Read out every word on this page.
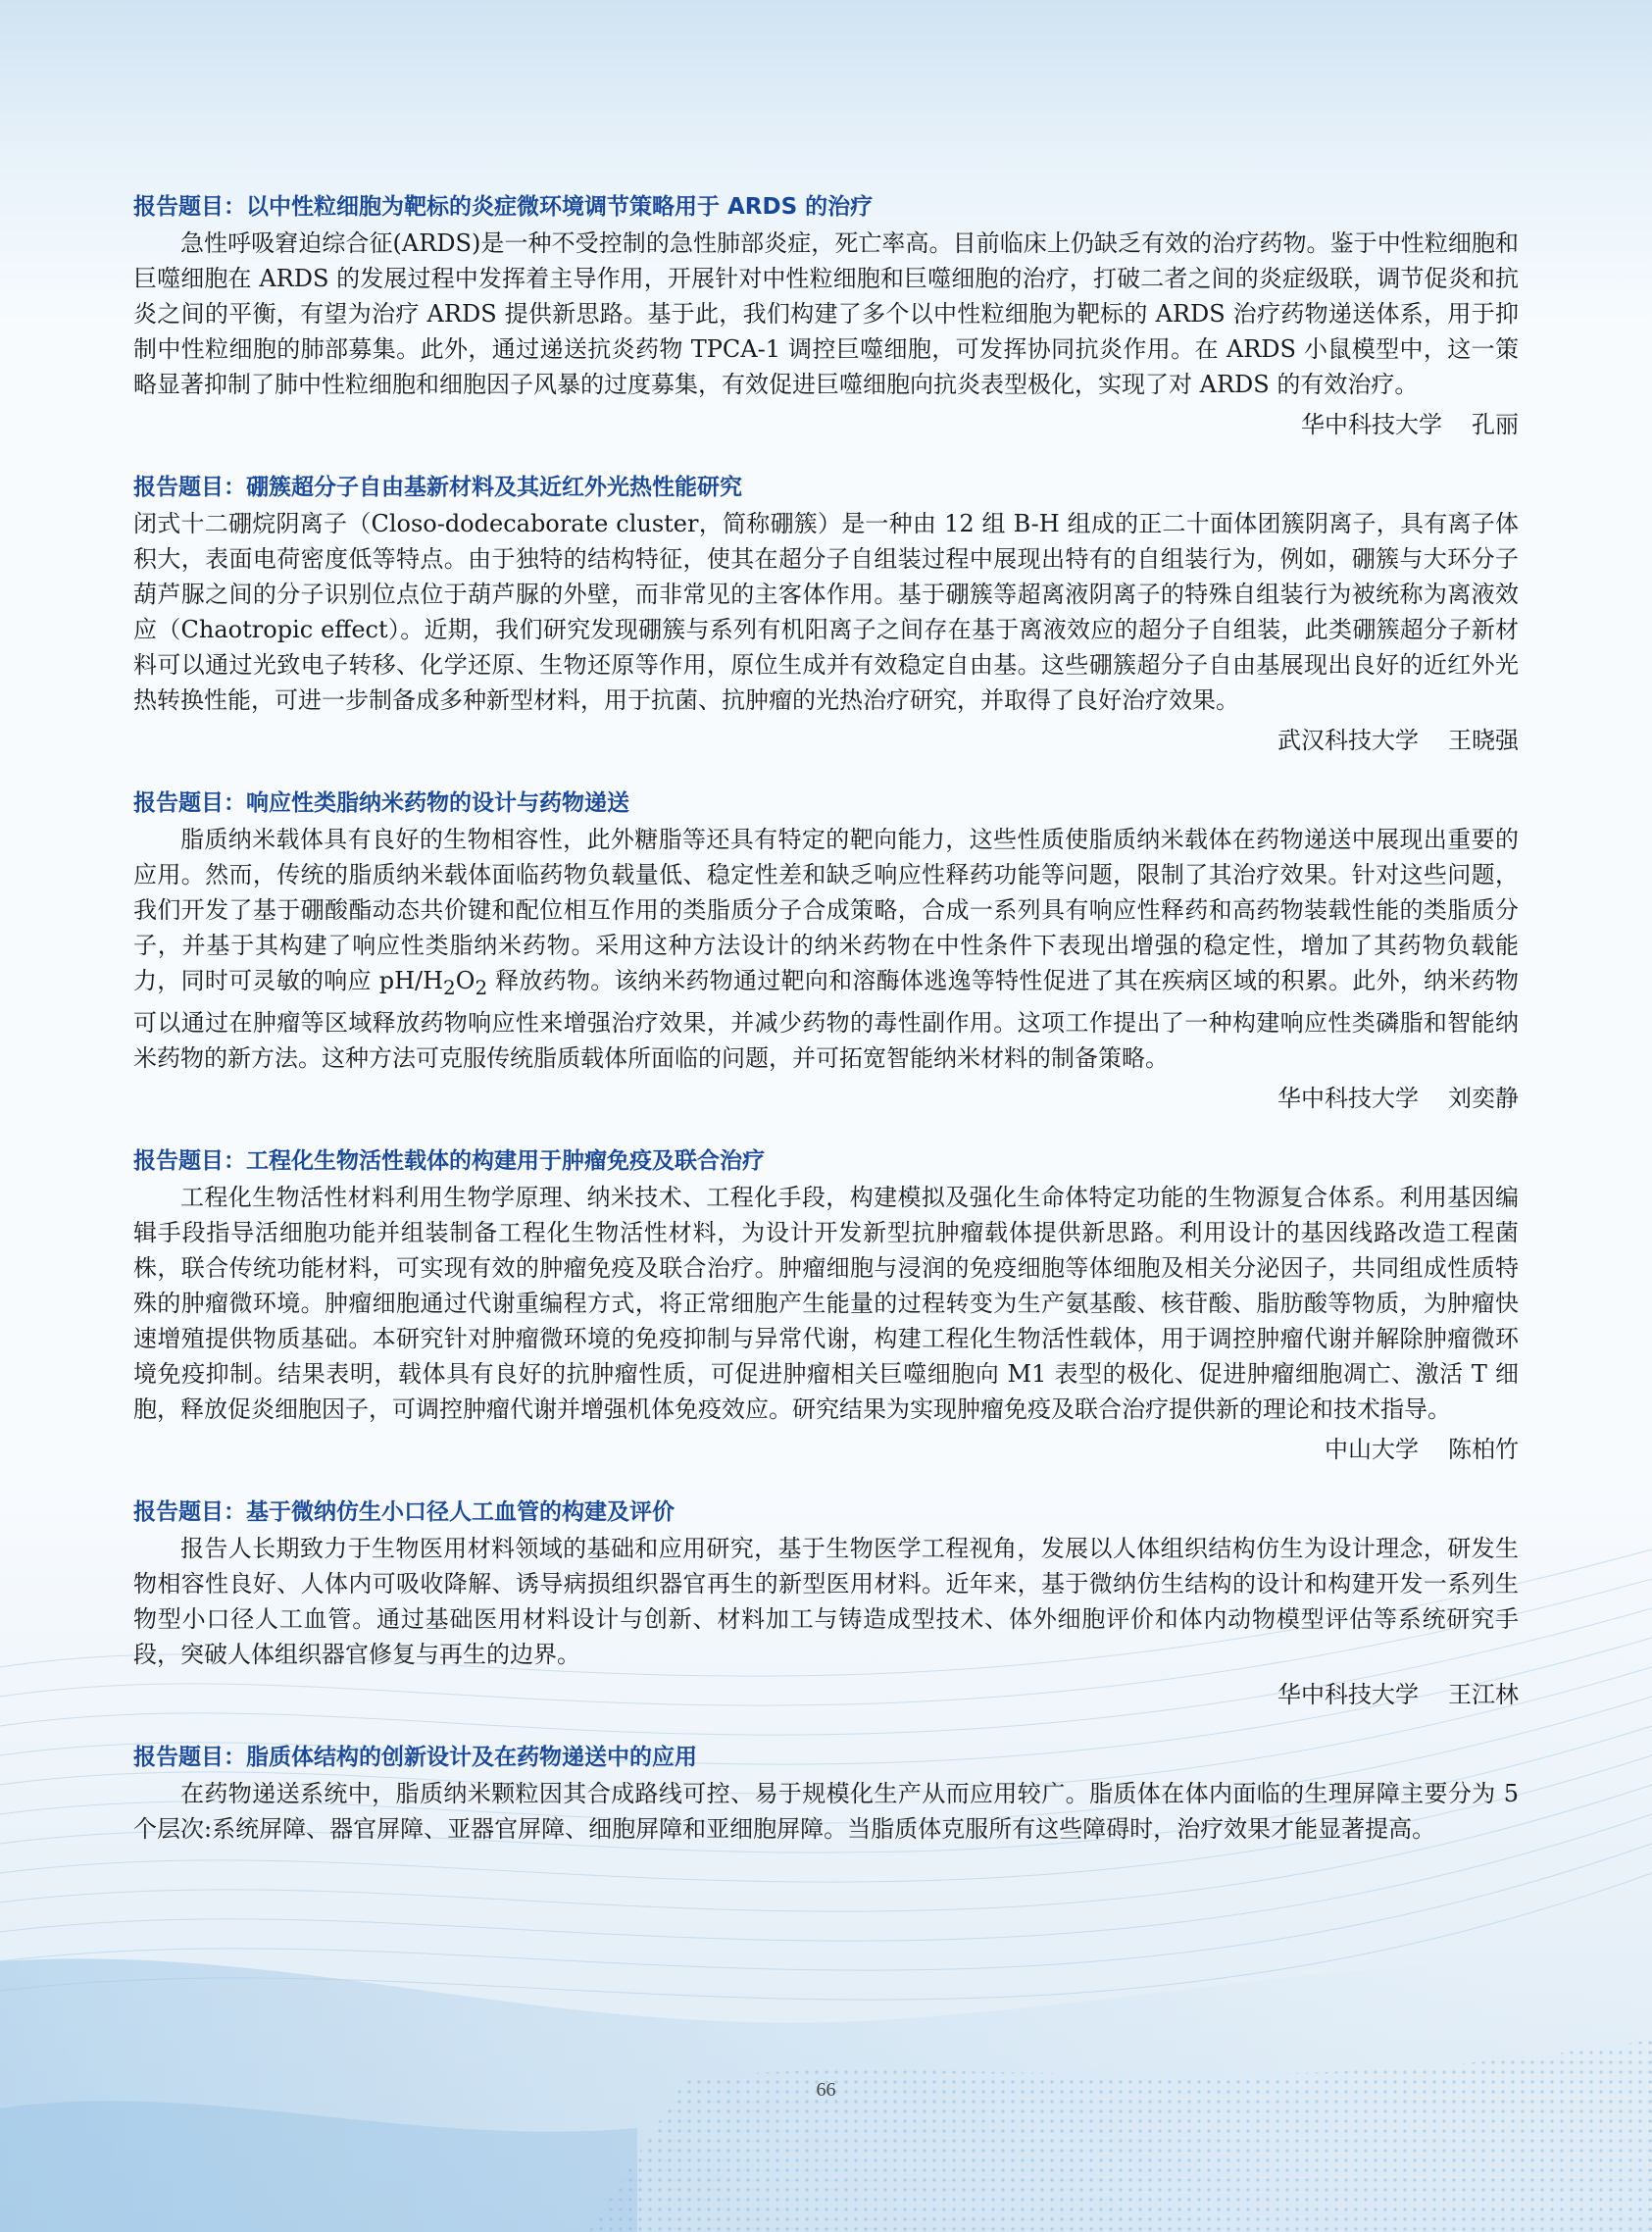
报告题目：以中性粒细胞为靶标的炎症微环境调节策略用于 ARDS 的治疗

急性呼吸窘迫综合征(ARDS)是一种不受控制的急性肺部炎症，死亡率高。目前临床上仍缺乏有效的治疗药物。鉴于中性粒细胞和巨噬细胞在 ARDS 的发展过程中发挥着主导作用，开展针对中性粒细胞和巨噬细胞的治疗，打破二者之间的炎症级联，调节促炎和抗炎之间的平衡，有望为治疗 ARDS 提供新思路。基于此，我们构建了多个以中性粒细胞为靶标的 ARDS 治疗药物递送体系，用于抑制中性粒细胞的肺部募集。此外，通过递送抗炎药物 TPCA-1 调控巨噬细胞，可发挥协同抗炎作用。在 ARDS 小鼠模型中，这一策略显著抑制了肺中性粒细胞和细胞因子风暴的过度募集，有效促进巨噬细胞向抗炎表型极化，实现了对 ARDS 的有效治疗。

华中科技大学 孔丽
报告题目：硼簇超分子自由基新材料及其近红外光热性能研究

闭式十二硼烷阴离子（Closo-dodecaborate cluster，简称硼簇）是一种由 12 组 B-H 组成的正二十面体团簇阴离子，具有离子体积大，表面电荷密度低等特点。由于独特的结构特征，使其在超分子自组装过程中展现出特有的自组装行为，例如，硼簇与大环分子葫芦脲之间的分子识别位点位于葫芦脲的外壁，而非常见的主客体作用。基于硼簇等超离液阴离子的特殊自组装行为被统称为离液效应（Chaotropic effect）。近期，我们研究发现硼簇与系列有机阳离子之间存在基于离液效应的超分子自组装，此类硼簇超分子新材料可以通过光致电子转移、化学还原、生物还原等作用，原位生成并有效稳定自由基。这些硼簇超分子自由基展现出良好的近红外光热转换性能，可进一步制备成多种新型材料，用于抗菌、抗肿瘤的光热治疗研究，并取得了良好治疗效果。

武汉科技大学 王晓强
报告题目：响应性类脂纳米药物的设计与药物递送

脂质纳米载体具有良好的生物相容性，此外糖脂等还具有特定的靶向能力，这些性质使脂质纳米载体在药物递送中展现出重要的应用。然而，传统的脂质纳米载体面临药物负载量低、稳定性差和缺乏响应性释药功能等问题，限制了其治疗效果。针对这些问题，我们开发了基于硼酸酯动态共价键和配位相互作用的类脂质分子合成策略，合成一系列具有响应性释药和高药物装载性能的类脂质分子，并基于其构建了响应性类脂纳米药物。采用这种方法设计的纳米药物在中性条件下表现出增强的稳定性，增加了其药物负载能力，同时可灵敏的响应 $pH/H_2O_2$ 释放药物。该纳米药物通过靶向和溶酶体逃逸等特性促进了其在疾病区域的积累。此外，纳米药物可以通过在肿瘤等区域释放药物响应性来增强治疗效果，并减少药物的毒性副作用。这项工作提出了一种构建响应性类磷脂和智能纳米药物的新方法。这种方法可克服传统脂质载体所面临的问题，并可拓宽智能纳米材料的制备策略。

华中科技大学 刘奕静
报告题目：工程化生物活性载体的构建用于肿瘤免疫及联合治疗

工程化生物活性材料利用生物学原理、纳米技术、工程化手段，构建模拟及强化生命体特定功能的生物源复合体系。利用基因编辑手段指导活细胞功能并组装制备工程化生物活性材料，为设计开发新型抗肿瘤载体提供新思路。利用设计的基因线路改造工程菌株，联合传统功能材料，可实现有效的肿瘤免疫及联合治疗。肿瘤细胞与浸润的免疫细胞等体细胞及相关分泌因子，共同组成性质特殊的肿瘤微环境。肿瘤细胞通过代谢重编程方式，将正常细胞产生能量的过程转变为生产氨基酸、核苷酸、脂肪酸等物质，为肿瘤快速增殖提供物质基础。本研究针对肿瘤微环境的免疫抑制与异常代谢，构建工程化生物活性载体，用于调控肿瘤代谢并解除肿瘤微环境免疫抑制。结果表明，载体具有良好的抗肿瘤性质，可促进肿瘤相关巨噬细胞向 M1 表型的极化、促进肿瘤细胞凋亡、激活 T 细胞，释放促炎细胞因子，可调控肿瘤代谢并增强机体免疫效应。研究结果为实现肿瘤免疫及联合治疗提供新的理论和技术指导。

中山大学 陈柏竹
报告题目：基于微纳仿生小口径人工血管的构建及评价

报告人长期致力于生物医用材料领域的基础和应用研究，基于生物医学工程视角，发展以人体组织结构仿生为设计理念，研发生物相容性良好、人体内可吸收降解、诱导病损组织器官再生的新型医用材料。近年来，基于微纳仿生结构的设计和构建开发一系列生物型小口径人工血管。通过基础医用材料设计与创新、材料加工与铸造成型技术、体外细胞评价和体内动物模型评估等系统研究手段，突破人体组织器官修复与再生的边界。

华中科技大学 王江林
报告题目：脂质体结构的创新设计及在药物递送中的应用

在药物递送系统中，脂质纳米颗粒因其合成路线可控、易于规模化生产从而应用较广。脂质体在体内面临的生理屏障主要分为 5 个层次:系统屏障、器官屏障、亚器官屏障、细胞屏障和亚细胞屏障。当脂质体克服所有这些障碍时，治疗效果才能显著提高。

66
